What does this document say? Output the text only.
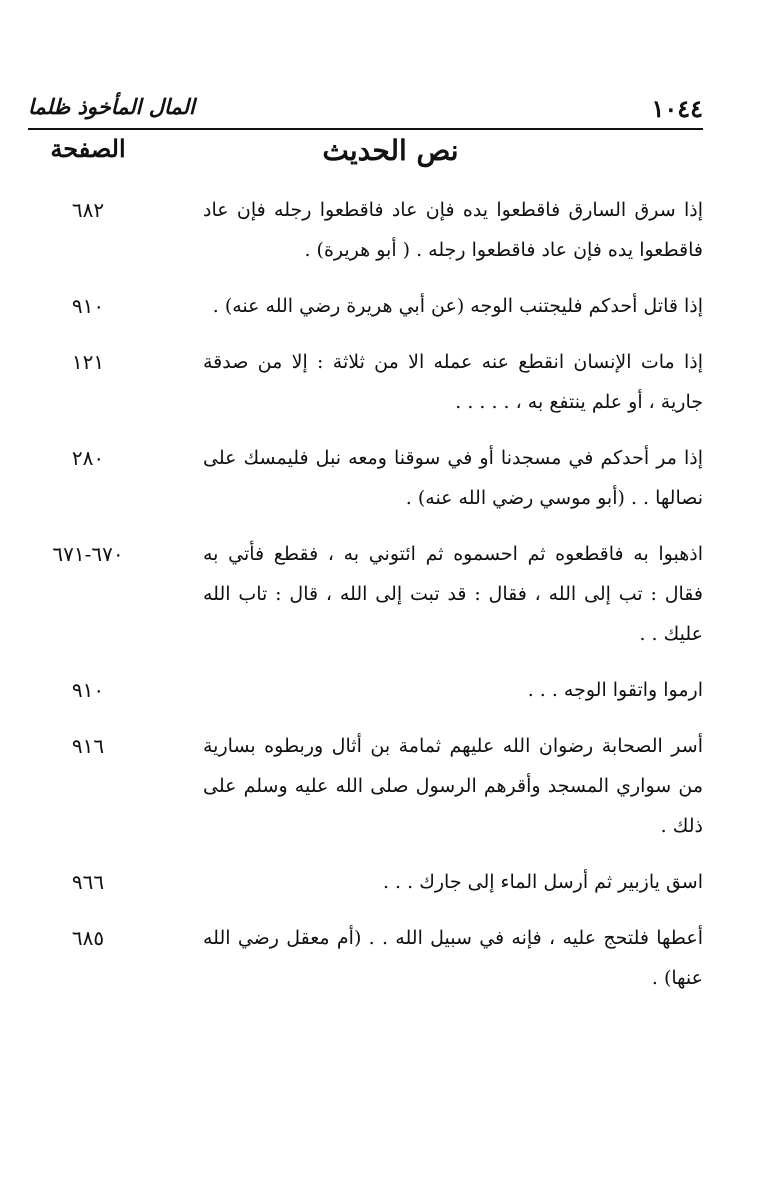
١٠٤٤
المال المأخوذ ظلما
نص الحديث
الصفحة
إذا سرق السارق فاقطعوا يده فإن عاد فاقطعوا رجله فإن عاد فاقطعوا يده فإن عاد فاقطعوا رجله . ( أبو هريرة) .
٦٨٢
إذا قاتل أحدكم فليجتنب الوجه (عن أبي هريرة رضي الله عنه) .
٩١٠
إذا مات الإنسان انقطع عنه عمله الا من ثلاثة : إلا من صدقة جارية ، أو علم ينتفع به ، . . . . .
١٢١
إذا مر أحدكم في مسجدنا أو في سوقنا ومعه نبل فليمسك على نصالها . . (أبو موسي رضي الله عنه) .
٢٨٠
اذهبوا به فاقطعوه ثم احسموه ثم ائتوني به ، فقطع فأتي به فقال : تب إلى الله ، فقال : قد تبت إلى الله ، قال : تاب الله عليك . .
٦٧٠-٦٧١
ارموا واتقوا الوجه . . .
٩١٠
أسر الصحابة رضوان الله عليهم ثمامة بن أثال وربطوه بسارية من سواري المسجد وأقرهم الرسول صلى الله عليه وسلم على ذلك .
٩١٦
اسق يازبير ثم أرسل الماء إلى جارك . . .
٩٦٦
أعطها فلتحج عليه ، فإنه في سبيل الله . . (أم معقل رضي الله عنها) .
٦٨٥
